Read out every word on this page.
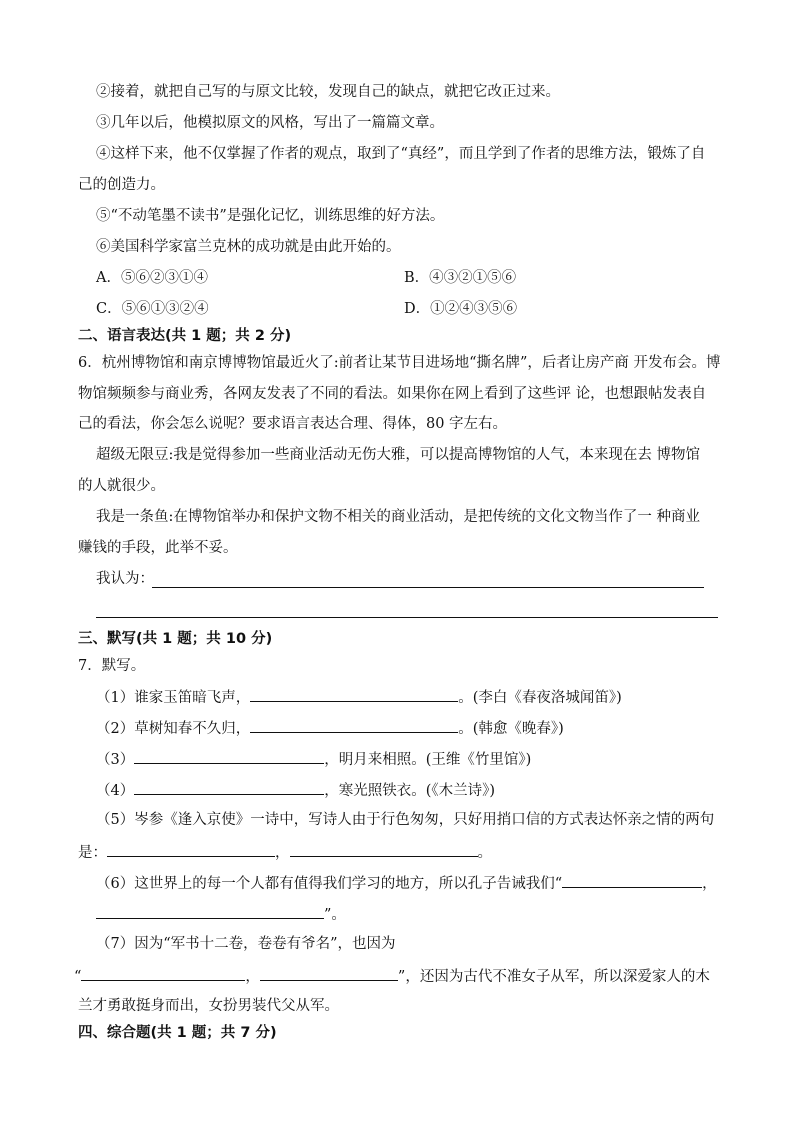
②接着，就把自己写的与原文比较，发现自己的缺点，就把它改正过来。
③几年以后，他模拟原文的风格，写出了一篇篇文章。
④这样下来，他不仅掌握了作者的观点，取到了“真经”，而且学到了作者的思维方法，锻炼了自
己的创造力。
⑤“不动笔墨不读书”是强化记忆，训练思维的好方法。
⑥美国科学家富兰克林的成功就是由此开始的。
A．⑤⑥②③①④	B．④③②①⑤⑥
C．⑤⑥①③②④	D．①②④③⑤⑥
二、语言表达(共 1 题；共 2 分)
6．杭州博物馆和南京博博物馆最近火了:前者让某节目进场地“撕名牌”，后者让房产商 开发布会。博
物馆频频参与商业秀，各网友发表了不同的看法。如果你在网上看到了这些评 论，也想跟帖发表自
己的看法，你会怎么说呢？要求语言表达合理、得体，80 字左右。
超级无限豆:我是觉得参加一些商业活动无伤大雅，可以提高博物馆的人气，本来现在去 博物馆
的人就很少。
我是一条鱼:在博物馆举办和保护文物不相关的商业活动，是把传统的文化文物当作了一 种商业
赚钱的手段，此举不妥。
我认为：
三、默写(共 1 题；共 10 分)
7．默写。
（1）谁家玉笛暗飞声，	。(李白《春夜洛城闻笛》)
（2）草树知春不久归，	。(韩愈《晚春》)
（3）	，明月来相照。(王维《竹里馆》)
（4）	，寒光照铁衣。(《木兰诗》)
（5）岑参《逢入京使》一诗中，写诗人由于行色匆匆，只好用捎口信的方式表达怀亲之情的两句
是：	，	。
（6）这世界上的每一个人都有值得我们学习的地方，所以孔子告诫我们“	，
”。
（7）因为“军书十二卷，卷卷有爷名”，也因为
“	，	”，还因为古代不准女子从军，所以深爱家人的木
兰才勇敢挺身而出，女扮男装代父从军。
四、综合题(共 1 题；共 7 分)
